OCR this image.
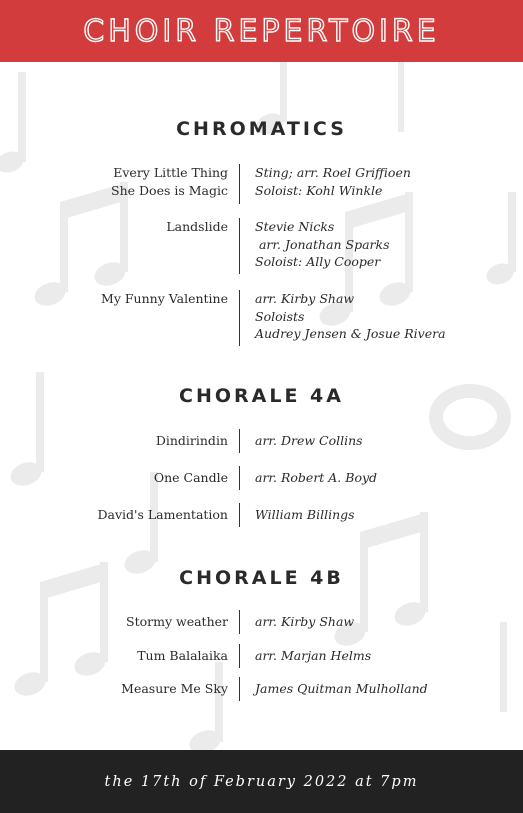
CHOIR REPERTOIRE
CHROMATICS
Every Little Thing
She Does is Magic
Sting; arr. Roel Griffioen
Soloist: Kohl Winkle
Landslide Stevie Nicks
arr. Jonathan Sparks
Soloist: Ally Cooper
My Funny Valentine arr. Kirby Shaw
Soloists
Audrey Jensen & Josue Rivera
CHORALE 4A
Dindirindin arr. Drew Collins
One Candle arr. Robert A. Boyd
David's Lamentation William Billings
CHORALE 4B
Stormy weather arr. Kirby Shaw
Tum Balalaika arr. Marjan Helms
Measure Me Sky James Quitman Mulholland
the 17th of February 2022 at 7pm
